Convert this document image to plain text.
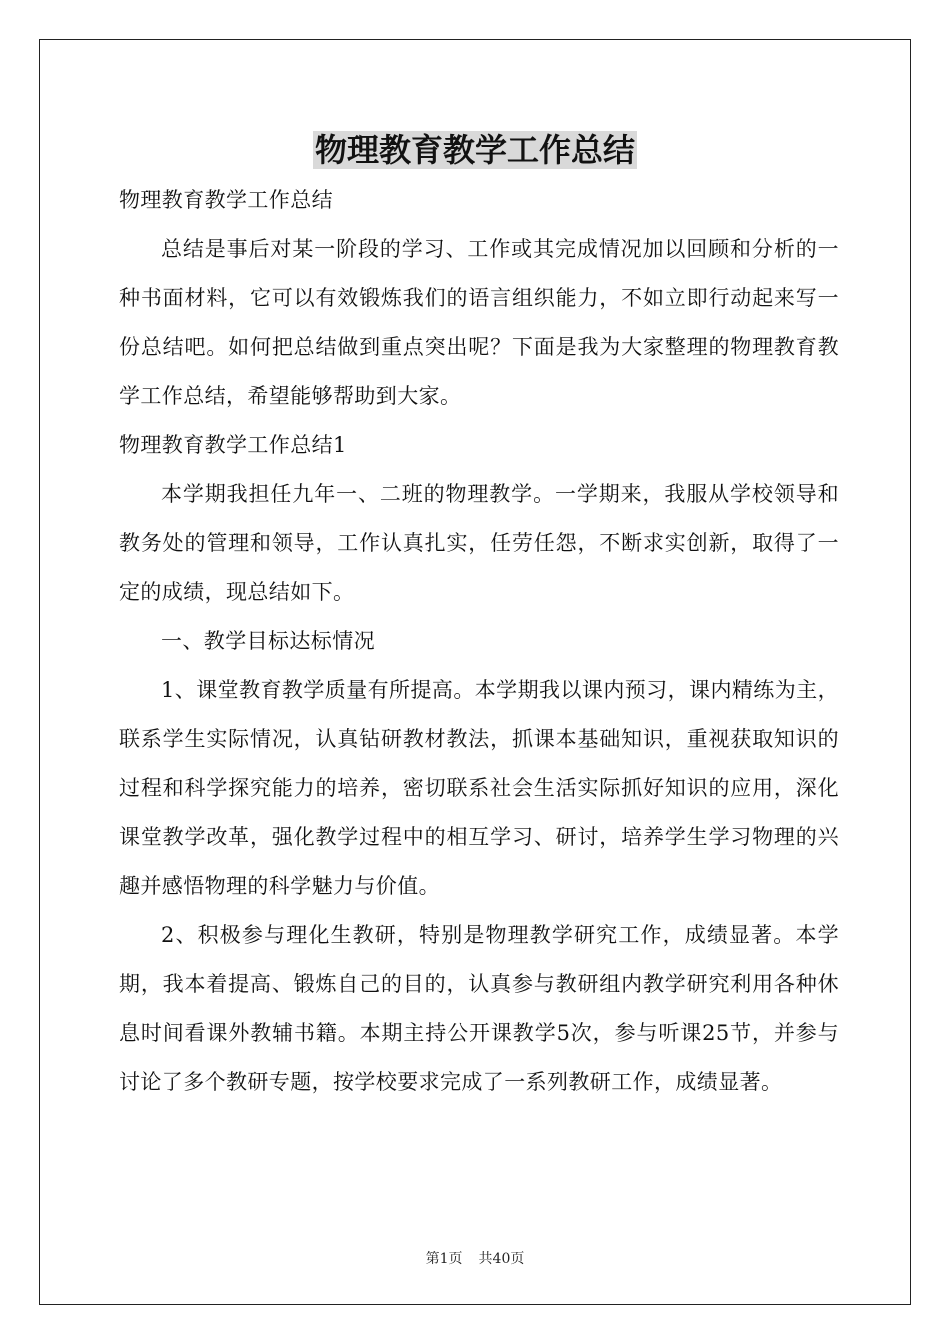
物理教育教学工作总结

物理教育教学工作总结

总结是事后对某一阶段的学习、工作或其完成情况加以回顾和分析的一种书面材料，它可以有效锻炼我们的语言组织能力，不如立即行动起来写一份总结吧。如何把总结做到重点突出呢？下面是我为大家整理的物理教育教学工作总结，希望能够帮助到大家。

物理教育教学工作总结1

本学期我担任九年一、二班的物理教学。一学期来，我服从学校领导和教务处的管理和领导，工作认真扎实，任劳任怨，不断求实创新，取得了一定的成绩，现总结如下。

一、教学目标达标情况

1、课堂教育教学质量有所提高。本学期我以课内预习，课内精练为主，联系学生实际情况，认真钻研教材教法，抓课本基础知识，重视获取知识的过程和科学探究能力的培养，密切联系社会生活实际抓好知识的应用，深化课堂教学改革，强化教学过程中的相互学习、研讨，培养学生学习物理的兴趣并感悟物理的科学魅力与价值。

2、积极参与理化生教研，特别是物理教学研究工作，成绩显著。本学期，我本着提高、锻炼自己的目的，认真参与教研组内教学研究利用各种休息时间看课外教辅书籍。本期主持公开课教学5次，参与听课25节，并参与讨论了多个教研专题，按学校要求完成了一系列教研工作，成绩显著。

第1页 共40页
